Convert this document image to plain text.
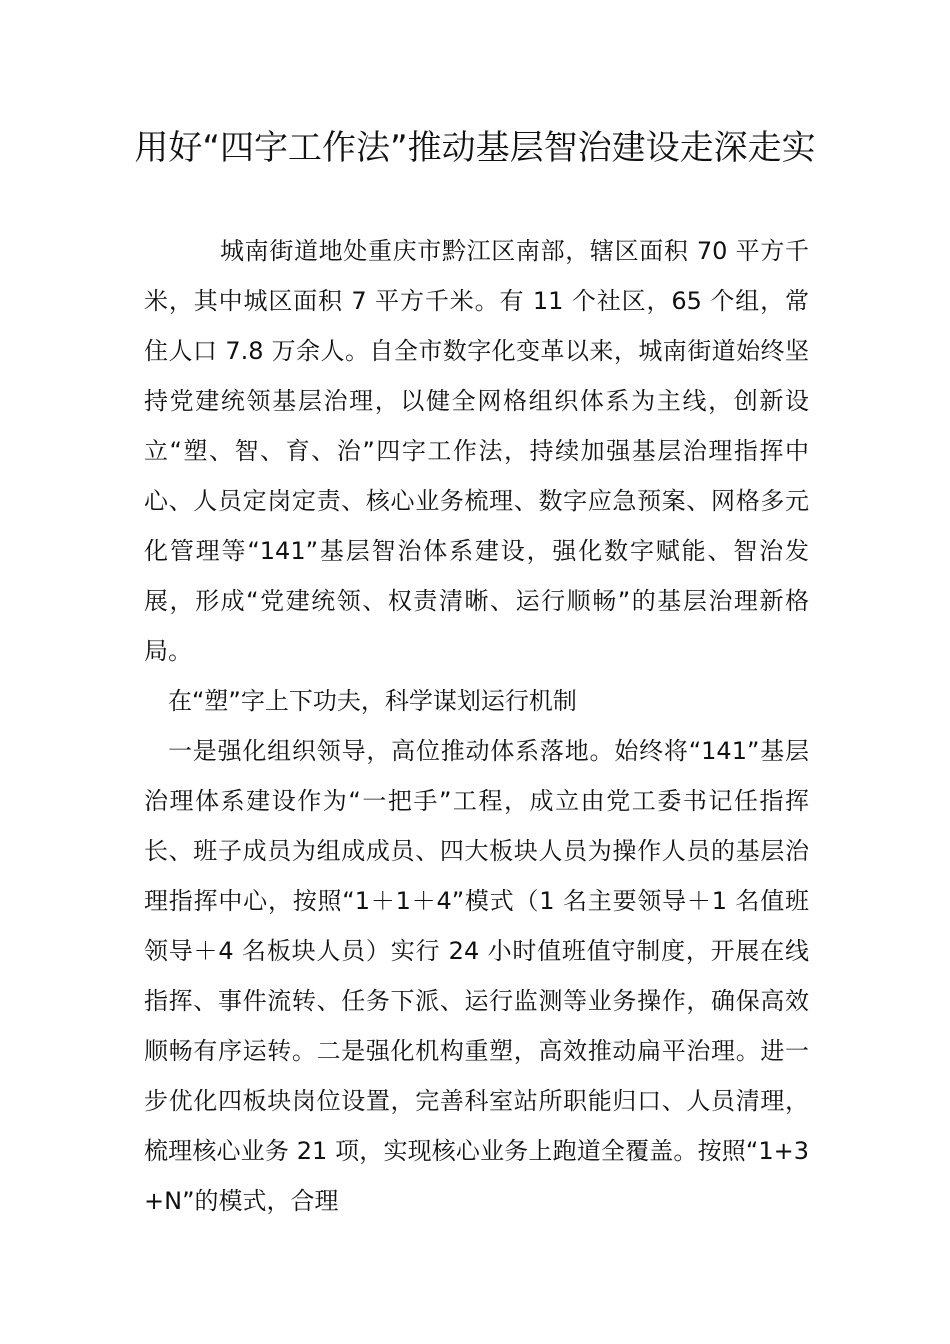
用好“四字工作法”推动基层智治建设走深走实

城南街道地处重庆市黔江区南部，辖区面积 70 平方千米，其中城区面积 7 平方千米。有 11 个社区，65 个组，常住人口 7.8 万余人。自全市数字化变革以来，城南街道始终坚持党建统领基层治理，以健全网格组织体系为主线，创新设立“塑、智、育、治”四字工作法，持续加强基层治理指挥中心、人员定岗定责、核心业务梳理、数字应急预案、网格多元化管理等“141”基层智治体系建设，强化数字赋能、智治发展，形成“党建统领、权责清晰、运行顺畅”的基层治理新格局。

在“塑”字上下功夫，科学谋划运行机制

一是强化组织领导，高位推动体系落地。始终将“141”基层治理体系建设作为“一把手”工程，成立由党工委书记任指挥长、班子成员为组成成员、四大板块人员为操作人员的基层治理指挥中心，按照“1＋1＋4”模式（1 名主要领导＋1 名值班领导＋4 名板块人员）实行 24 小时值班值守制度，开展在线指挥、事件流转、任务下派、运行监测等业务操作，确保高效顺畅有序运转。二是强化机构重塑，高效推动扁平治理。进一步优化四板块岗位设置，完善科室站所职能归口、人员清理，梳理核心业务 21 项，实现核心业务上跑道全覆盖。按照“1+3+N”的模式，合理
